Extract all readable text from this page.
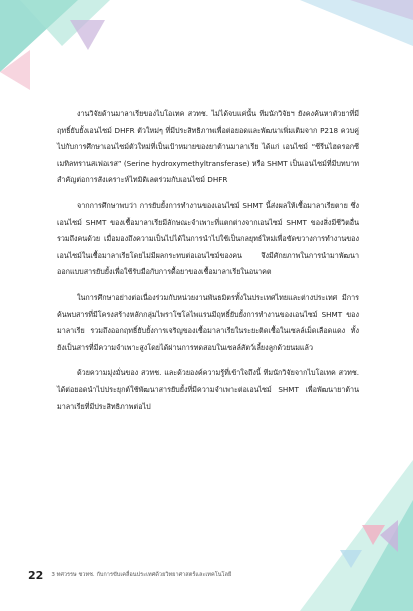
งานวิจัยด้านมาลาเรียของไบโอเทค สวทช. ไม่ได้จบแค่นั้น ทีมนักวิจัยฯ ยังคงค้นหาตัวยาที่มีฤทธิ์ยับยั้งเอนไซม์ DHFR ตัวใหม่ๆ ที่มีประสิทธิภาพเพื่อต่อยอดและพัฒนาเพิ่มเติมจาก P218 ควบคู่ไปกับการศึกษาเอนไซม์ตัวใหม่ที่เป็นเป้าหมายของยาต้านมาลาเรีย ได้แก่ เอนไซม์ “ซีรีนไฮดรอกซีเมทิลทรานสเฟอเรส” (Serine hydroxymethyltransferase) หรือ SHMT เป็นเอนไซม์ที่มีบทบาทสำคัญต่อการสังเคราะห์ไทมิดิเลตร่วมกับเอนไซม์ DHFR

จากการศึกษาพบว่า การยับยั้งการทำงานของเอนไซม์ SHMT นี้ส่งผลให้เชื้อมาลาเรียตาย ซึ่งเอนไซม์ SHMT ของเชื้อมาลาเรียมีลักษณะจำเพาะที่แตกต่างจากเอนไซม์ SHMT ของสิ่งมีชีวิตอื่นรวมถึงคนด้วย เมื่อมองถึงความเป็นไปได้ในการนำไปใช้เป็นกลยุทธ์ใหม่เพื่อขัดขวางการทำงานของเอนไซม์ในเชื้อมาลาเรียโดยไม่มีผลกระทบต่อเอนไซม์ของคน จึงมีศักยภาพในการนำมาพัฒนาออกแบบสารยับยั้งเพื่อใช้รับมือกับการดื้อยาของเชื้อมาลาเรียในอนาคต

ในการศึกษาอย่างต่อเนื่องร่วมกับหน่วยงานพันธมิตรทั้งในประเทศไทยและต่างประเทศ มีการค้นพบสารที่มีโครงสร้างหลักกลุ่มไพราโซโลไพแรนมีฤทธิ์ยับยั้งการทำงานของเอนไซม์ SHMT ของมาลาเรีย รวมถึงออกฤทธิ์ยับยั้งการเจริญของเชื้อมาลาเรียในระยะติดเชื้อในเซลล์เม็ดเลือดแดง ทั้งยังเป็นสารที่มีความจำเพาะสูงโดยได้ผ่านการทดสอบในเซลล์สัตว์เลี้ยงลูกด้วยนมแล้ว

ด้วยความมุ่งมั่นของ สวทช. และด้วยองค์ความรู้ที่เข้าใจถึงนี้ ทีมนักวิจัยจากไบโอเทค สวทช. ได้ต่อยอดนำไปประยุกต์ใช้พัฒนาสารยับยั้งที่มีความจำเพาะต่อเอนไซม์ SHMT เพื่อพัฒนายาต้านมาลาเรียที่มีประสิทธิภาพต่อไป

22 3 ทศวรรษ ชวทช. กับการขับเคลื่อนประเทศด้วยวิทยาศาสตร์และเทคโนโลยี
